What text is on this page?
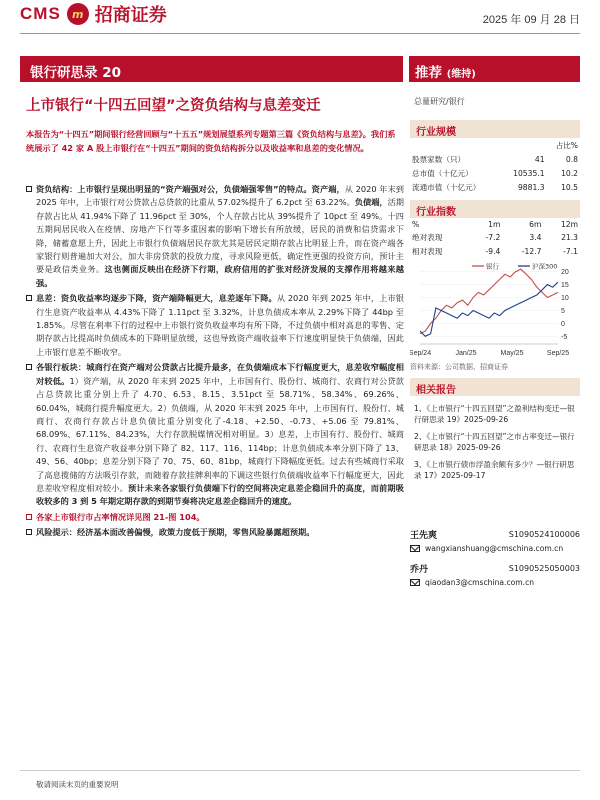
CMS	m 招商证券	2025 年 09 月 28 日
银行研思录 20	推荐 (维持)
上市银行“十四五回望”之资负结构与息差变迁	总量研究/银行
本报告为“十四五”期间银行经营回顾与“十五五”规划展望系列专题第三篇《资负结构与息差》。我们系统展示了 42 家 A 股上市银行在“十四五”期间的资负结构拆分以及收益率和息差的变化情况。
资负结构：上市银行呈现出明显的“资产端强对公，负债端强零售”的特点。资产端，从 2020 年末到 2025 年中，上市银行对公贷款占总贷款的比重从 57.02%提升了 6.2pct 至 63.22%。负债端，活期存款占比从 41.94%下降了 11.96pct 至 30%，个人存款占比从 39%提升了 10pct 至 49%。十四五期间居民收入在疫情、房地产下行等多重因素的影响下增长有所放缓，居民的消费和信贷需求下降，储蓄意愿上升，因此上市银行负债端居民存款尤其是居民定期存款占比明显上升，而在资产端各家银行则普遍加大对公，加大非房贷款的投放力度，寻求风险更低，确定性更强的投资方向，预计主要是政信类业务。这也侧面反映出在经济下行期，政府信用的扩张对经济发展的支撑作用将越来越强。
息差：资负收益率均逐步下降，资产端降幅更大，息差逐年下降。从 2020 年到 2025 年中，上市银行生息资产收益率从 4.43%下降了 1.11pct 至 3.32%，计息负债成本率从 2.29%下降了 44bp 至 1.85%。尽管在利率下行的过程中上市银行资负收益率均有所下降，不过负债中相对高息的零售、定期存款占比提高时负债成本的下降明显放缓，这也导致资产端收益率下行速度明显快于负债端，因此上市银行息差不断收窄。
各银行板块：城商行在资产端对公贷款占比提升最多，在负债端成本下行幅度更大，息差收窄幅度相对较低。1）资产端，从 2020 年末到 2025 年中，上市国有行、股份行、城商行、农商行对公贷款占总贷款比重分别上升了 4.70、6.53、8.15、3.51pct 至 58.71%、58.34%、69.26%、60.04%，城商行提升幅度更大。2）负债端，从 2020 年末到 2025 年中，上市国有行、股份行、城商行、农商行存款占计息负债比重分别变化了-4.18、+2.50、-0.73、+5.06 至 79.81%、68.09%、67.11%、84.23%，大行存款脱媒情况相对明显。3）息差，上市国有行、股份行、城商行、农商行生息资产收益率分别下降了 82、117、116、114bp；计息负债成本率分别下降了 13、49、56、40bp；息差分别下降了 70、75、60、81bp，城商行下降幅度更低。过去有些城商行采取了高息揽储的方法吸引存款，而随着存款挂牌利率的下调这些银行负债端收益率下行幅度更大，因此息差收窄程度相对较小。预计未来各家银行负债端下行的空间将决定息差企稳回升的高度，而前期吸收较多的 3 到 5 年期定期存款的到期节奏将决定息差企稳回升的速度。
各家上市银行市占率情况详见图 21-图 104。
风险提示：经济基本面改善偏慢，政策力度低于预期，零售风险暴露超预期。
行业规模
		占比%
股票家数（只）	41	0.8
总市值（十亿元）	10535.1	10.2
流通市值（十亿元）	9881.3	10.5
行业指数
%	1m	6m	12m
绝对表现	-7.2	3.4	21.3
相对表现	-9.4	-12.7	-7.1
20
15
10
5
0
-5
Sep/24	Jan/25	May/25	Sep/25
银行	沪深300
资料来源：公司数据、招商证券
相关报告
1、《上市银行“十四五回望”之盈利结构变迁—银行研思录 19》2025-09-26
2、《上市银行“十四五回望”之市占率变迁—银行研思录 18》2025-09-26
3、《上市银行债市浮盈余额有多少？—银行研思录 17》2025-09-17
王先爽	S1090524100006
wangxianshuang@cmschina.com.cn
乔丹	S1090525050003
qiaodan3@cmschina.com.cn
敬请阅读末页的重要说明
